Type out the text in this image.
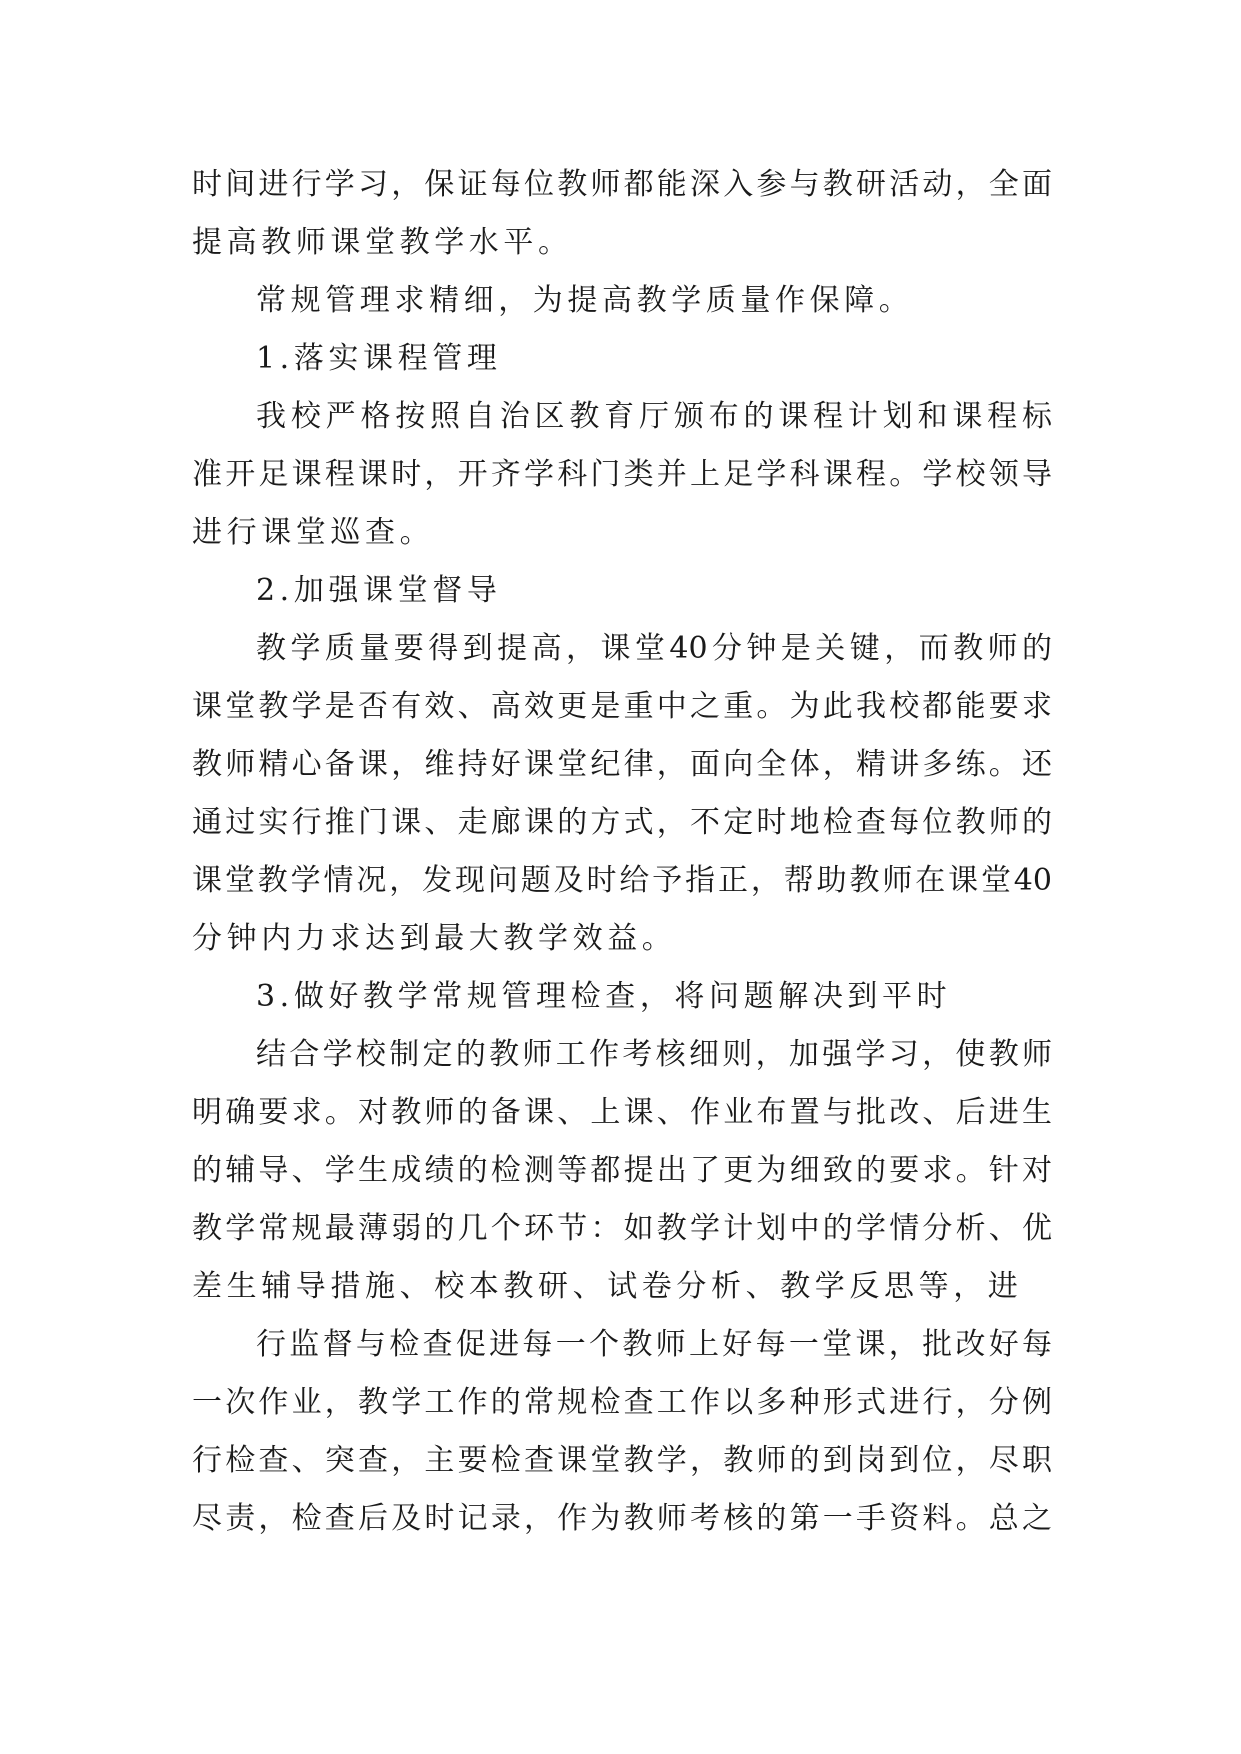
时间进行学习，保证每位教师都能深入参与教研活动，全面
提高教师课堂教学水平。
常规管理求精细，为提高教学质量作保障。
1.落实课程管理
我校严格按照自治区教育厅颁布的课程计划和课程标
准开足课程课时，开齐学科门类并上足学科课程。学校领导
进行课堂巡查。
2.加强课堂督导
教学质量要得到提高，课堂40分钟是关键，而教师的
课堂教学是否有效、高效更是重中之重。为此我校都能要求
教师精心备课，维持好课堂纪律，面向全体，精讲多练。还
通过实行推门课、走廊课的方式，不定时地检查每位教师的
课堂教学情况，发现问题及时给予指正，帮助教师在课堂40
分钟内力求达到最大教学效益。
3.做好教学常规管理检查，将问题解决到平时
结合学校制定的教师工作考核细则，加强学习，使教师
明确要求。对教师的备课、上课、作业布置与批改、后进生
的辅导、学生成绩的检测等都提出了更为细致的要求。针对
教学常规最薄弱的几个环节：如教学计划中的学情分析、优
差生辅导措施、校本教研、试卷分析、教学反思等，进
行监督与检查促进每一个教师上好每一堂课，批改好每
一次作业，教学工作的常规检查工作以多种形式进行，分例
行检查、突查，主要检查课堂教学，教师的到岗到位，尽职
尽责，检查后及时记录，作为教师考核的第一手资料。总之
